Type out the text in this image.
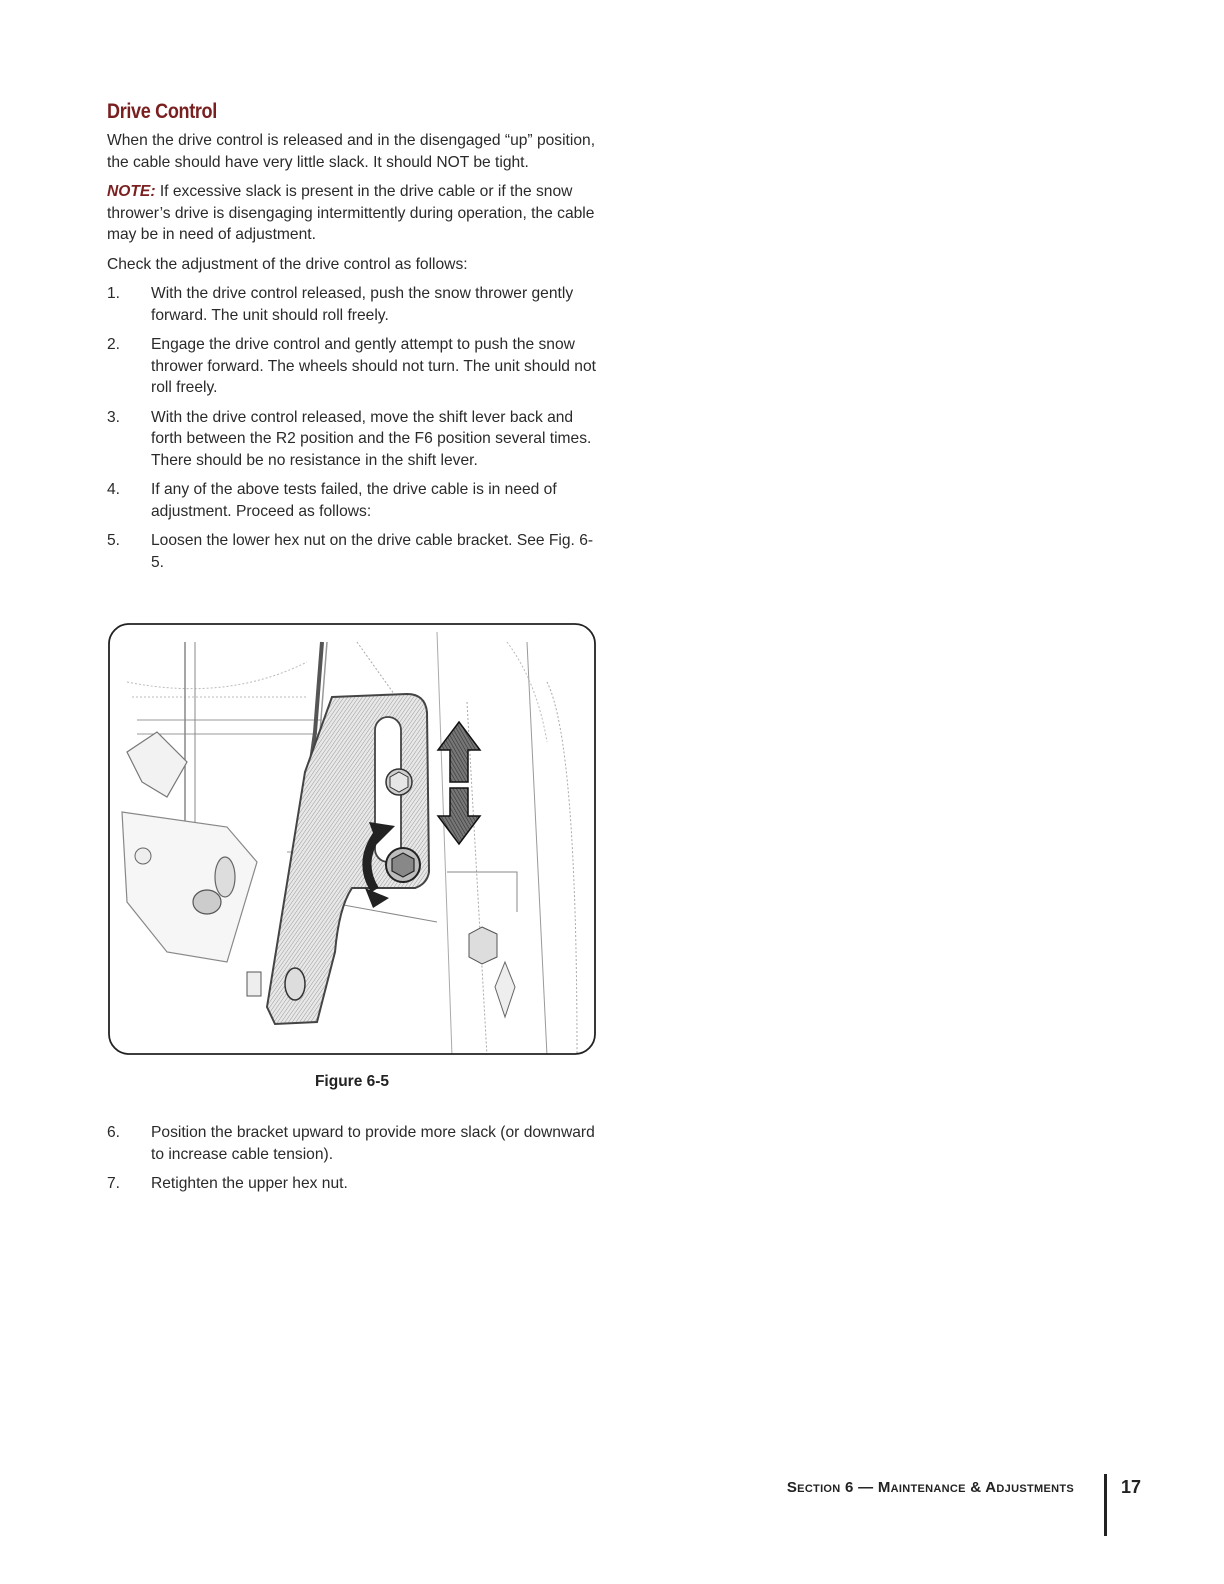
Drive Control

When the drive control is released and in the disengaged “up” position, the cable should have very little slack. It should NOT be tight.

NOTE: If excessive slack is present in the drive cable or if the snow thrower’s drive is disengaging intermittently during operation, the cable may be in need of adjustment.

Check the adjustment of the drive control as follows:

1. With the drive control released, push the snow thrower gently forward. The unit should roll freely.
2. Engage the drive control and gently attempt to push the snow thrower forward. The wheels should not turn. The unit should not roll freely.
3. With the drive control released, move the shift lever back and forth between the R2 position and the F6 position several times. There should be no resistance in the shift lever.
4. If any of the above tests failed, the drive cable is in need of adjustment. Proceed as follows:
5. Loosen the lower hex nut on the drive cable bracket. See Fig. 6-5.
Figure 6-5
6. Position the bracket upward to provide more slack (or downward to increase cable tension).
7. Retighten the upper hex nut.
Section 6 — Maintenance & Adjustments	17
